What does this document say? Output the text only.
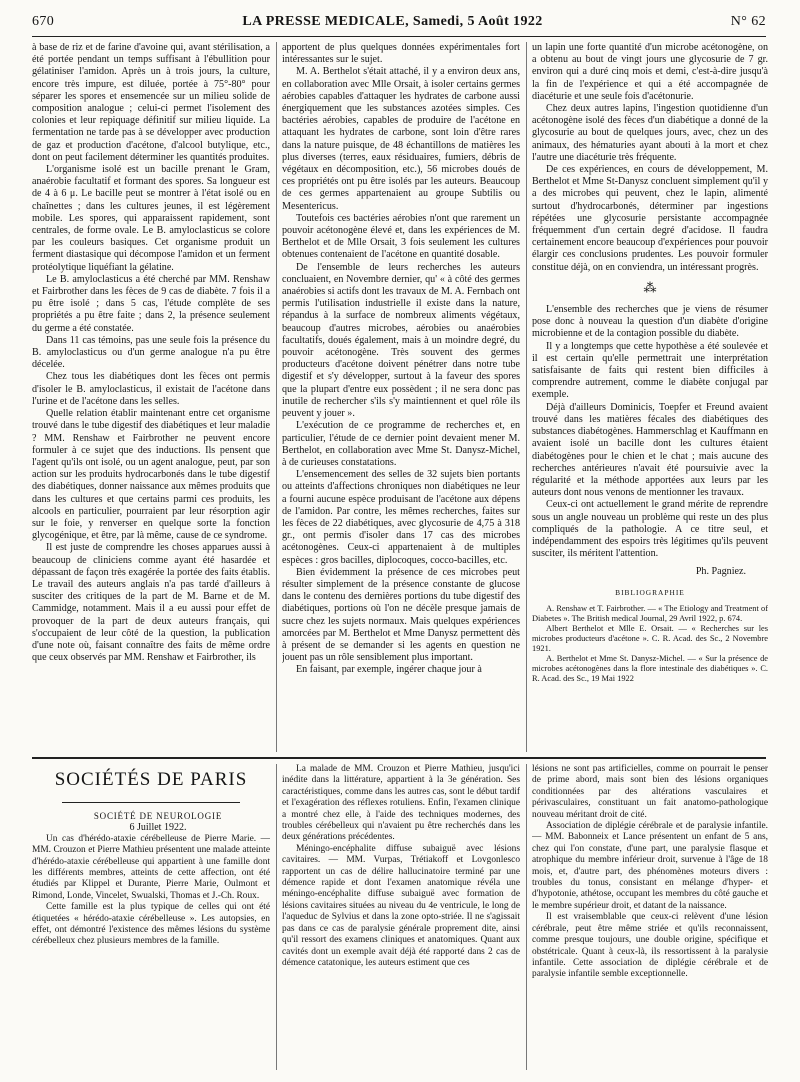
670	LA PRESSE MEDICALE, Samedi, 5 Août 1922	N° 62

à base de riz et de farine d'avoine qui, avant stérilisation, a été portée pendant un temps suffisant à l'ébullition pour gélatiniser l'amidon. Après un à trois jours, la culture, encore très impure, est diluée, portée à 75°-80° pour séparer les spores et ensemencée sur un milieu solide de composition analogue ; celui-ci permet l'isolement des colonies et leur repiquage définitif sur milieu liquide. La fermentation ne tarde pas à se développer avec production de gaz et production d'acétone, d'alcool butylique, etc., dont on peut facilement déterminer les quantités produites.

L'organisme isolé est un bacille prenant le Gram, anaérobie facultatif et formant des spores. Sa longueur est de 4 à 6 μ. Le bacille peut se montrer à l'état isolé ou en chaînettes ; dans les cultures jeunes, il est légèrement mobile. Les spores, qui apparaissent rapidement, sont centrales, de forme ovale. Le B. amyloclasticus se colore par les couleurs basiques. Cet organisme produit un ferment diastasique qui décompose l'amidon et un ferment protéolytique liquéfiant la gélatine.

Le B. amyloclasticus a été cherché par MM. Renshaw et Fairbrother dans les fèces de 9 cas de diabète. 7 fois il a pu être isolé ; dans 5 cas, l'étude complète de ses propriétés a pu être faite ; dans 2, la présence seulement du germe a été constatée.

Dans 11 cas témoins, pas une seule fois la présence du B. amyloclasticus ou d'un germe analogue n'a pu être décelée.

Chez tous les diabétiques dont les fèces ont permis d'isoler le B. amyloclasticus, il existait de l'acétone dans l'urine et de l'acétone dans les selles.

Quelle relation établir maintenant entre cet organisme trouvé dans le tube digestif des diabétiques et leur maladie ? MM. Renshaw et Fairbrother ne peuvent encore formuler à ce sujet que des inductions. Ils pensent que l'agent qu'ils ont isolé, ou un agent analogue, peut, par son action sur les produits hydrocarbonés dans le tube digestif des diabétiques, donner naissance aux mêmes produits que dans les cultures et que certains parmi ces produits, les alcools en particulier, pourraient par leur résorption agir sur le foie, y renverser en quelque sorte la fonction glycogénique, et être, par là même, cause de ce syndrome.

Il est juste de comprendre les choses apparues aussi à beaucoup de cliniciens comme ayant été hasardée et dépassant de façon très exagérée la portée des faits établis. Le travail des auteurs anglais n'a pas tardé d'ailleurs à susciter des critiques de la part de M. Barne et de M. Cammidge, notamment. Mais il a eu aussi pour effet de provoquer de la part de deux auteurs français, qui s'occupaient de leur côté de la question, la publication d'une note où, faisant connaître des faits de même ordre que ceux observés par MM. Renshaw et Fairbrother, ils

apportent de plus quelques données expérimentales fort intéressantes sur le sujet.

M. A. Berthelot s'était attaché, il y a environ deux ans, en collaboration avec Mlle Orsait, à isoler certains germes aérobies capables d'attaquer les hydrates de carbone aussi énergiquement que les substances azotées simples. Ces bactéries aérobies, capables de produire de l'acétone en attaquant les hydrates de carbone, sont loin d'être rares dans la nature puisque, de 48 échantillons de matières les plus diverses (terres, eaux résiduaires, fumiers, débris de végétaux en décomposition, etc.), 56 microbes doués de ces propriétés ont pu être isolés par les auteurs. Beaucoup de ces germes appartenaient au groupe Subtilis ou Mesentericus.

Toutefois ces bactéries aérobies n'ont que rarement un pouvoir acétonogène élevé et, dans les expériences de M. Berthelot et de Mlle Orsait, 3 fois seulement les cultures obtenues contenaient de l'acétone en quantité dosable.

De l'ensemble de leurs recherches les auteurs concluaient, en Novembre dernier, qu' « à côté des germes anaérobies si actifs dont les travaux de M. A. Fernbach ont permis l'utilisation industrielle il existe dans la nature, répandus à la surface de nombreux aliments végétaux, beaucoup d'autres microbes, aérobies ou anaérobies facultatifs, doués également, mais à un moindre degré, du pouvoir acétonogène. Très souvent des germes producteurs d'acétone doivent pénétrer dans notre tube digestif et s'y développer, surtout à la faveur des spores que la plupart d'entre eux possèdent ; il ne sera donc pas inutile de rechercher s'ils s'y maintiennent et quel rôle ils peuvent y jouer ».

L'exécution de ce programme de recherches et, en particulier, l'étude de ce dernier point devaient mener M. Berthelot, en collaboration avec Mme St. Danysz-Michel, à de curieuses constatations.

L'ensemencement des selles de 32 sujets bien portants ou atteints d'affections chroniques non diabétiques ne leur a fourni aucune espèce produisant de l'acétone aux dépens de l'amidon. Par contre, les mêmes recherches, faites sur les fèces de 22 diabétiques, avec glycosurie de 4,75 à 318 gr., ont permis d'isoler dans 17 cas des microbes acétonogènes. Ceux-ci appartenaient à de multiples espèces : gros bacilles, diplocoques, cocco-bacilles, etc.

Bien évidemment la présence de ces microbes peut résulter simplement de la présence constante de glucose dans le contenu des dernières portions du tube digestif des diabétiques, portions où l'on ne décèle presque jamais de sucre chez les sujets normaux. Mais quelques expériences amorcées par M. Berthelot et Mme Danysz permettent dès à présent de se demander si les agents en question ne jouent pas un rôle sensiblement plus important.

En faisant, par exemple, ingérer chaque jour à

un lapin une forte quantité d'un microbe acétonogène, on a obtenu au bout de vingt jours une glycosurie de 7 gr. environ qui a duré cinq mois et demi, c'est-à-dire jusqu'à la fin de l'expérience et qui a été accompagnée de diacéturie et une seule fois d'acétonurie.

Chez deux autres lapins, l'ingestion quotidienne d'un acétonogène isolé des fèces d'un diabétique a donné de la glycosurie au bout de quelques jours, avec, chez un des animaux, des hématuries ayant abouti à la mort et chez l'autre une diacéturie très fréquente.

De ces expériences, en cours de développement, M. Berthelot et Mme St-Danysz concluent simplement qu'il y a des microbes qui peuvent, chez le lapin, alimenté surtout d'hydrocarbonés, déterminer par ingestions répétées une glycosurie persistante accompagnée fréquemment d'un certain degré d'acidose. Il faudra certainement encore beaucoup d'expériences pour pouvoir élargir ces conclusions prudentes. Les pouvoir formuler constitue déjà, on en conviendra, un intéressant progrès.

⁂

L'ensemble des recherches que je viens de résumer pose donc à nouveau la question d'un diabète d'origine microbienne et de la contagion possible du diabète.

Il y a longtemps que cette hypothèse a été soulevée et il est certain qu'elle permettrait une interprétation satisfaisante de faits qui restent bien difficiles à comprendre autrement, comme le diabète conjugal par exemple.

Déjà d'ailleurs Dominicis, Toepfer et Freund avaient trouvé dans les matières fécales des diabétiques des substances diabétogènes. Hammerschlag et Kauffmann en avaient isolé un bacille dont les cultures étaient diabétogènes pour le chien et le chat ; mais aucune des recherches antérieures n'avait été poursuivie avec la régularité et la méthode apportées aux leurs par les auteurs dont nous venons de mentionner les travaux.

Ceux-ci ont actuellement le grand mérite de reprendre sous un angle nouveau un problème qui reste un des plus compliqués de la pathologie. A ce titre seul, et indépendamment des espoirs très légitimes qu'ils peuvent susciter, ils méritent l'attention.

Ph. Pagniez.

BIBLIOGRAPHIE

A. Renshaw et T. Fairbrother. — « The Etiology and Treatment of Diabetes ». The British medical Journal, 29 Avril 1922, p. 674.

Albert Berthelot et Mlle E. Orsait. — « Recherches sur les microbes producteurs d'acétone ». C. R. Acad. des Sc., 2 Novembre 1921.

A. Berthelot et Mme St. Danysz-Michel. — « Sur la présence de microbes acétonogènes dans la flore intestinale des diabétiques ». C. R. Acad. des Sc., 19 Mai 1922

SOCIÉTÉS DE PARIS

SOCIÉTÉ DE NEUROLOGIE

6 Juillet 1922.

Un cas d'hérédo-ataxie cérébelleuse de Pierre Marie. — MM. Crouzon et Pierre Mathieu présentent une malade atteinte d'hérédo-ataxie cérébelleuse qui appartient à une famille dont les différents membres, atteints de cette affection, ont été étudiés par Klippel et Durante, Pierre Marie, Oulmont et Rimond, Londe, Vincelet, Swualski, Thomas et J.-Ch. Roux.

Cette famille est la plus typique de celles qui ont été étiquetées « hérédo-ataxie cérébelleuse ». Les autopsies, en effet, ont démontré l'existence des mêmes lésions du système cérébelleux chez plusieurs membres de la famille.

La malade de MM. Crouzon et Pierre Mathieu, jusqu'ici inédite dans la littérature, appartient à la 3e génération. Ses caractéristiques, comme dans les autres cas, sont le début tardif et l'exagération des réflexes rotuliens. Enfin, l'examen clinique a montré chez elle, à l'aide des techniques modernes, des troubles cérébelleux qui n'avaient pu être recherchés dans les deux générations précédentes.

Méningo-encéphalite diffuse subaiguë avec lésions cavitaires. — MM. Vurpas, Trétiakoff et Lovgonlesco rapportent un cas de délire hallucinatoire terminé par une démence rapide et dont l'examen anatomique révéla une méningo-encéphalite diffuse subaiguë avec formation de lésions cavitaires situées au niveau du 4e ventricule, le long de l'aqueduc de Sylvius et dans la zone opto-striée. Il ne s'agissait pas dans ce cas de paralysie générale proprement dite, ainsi qu'il ressort des examens cliniques et anatomiques. Quant aux cavités dont un exemple avait déjà été rapporté dans 2 cas de démence catatonique, les auteurs estiment que ces

lésions ne sont pas artificielles, comme on pourrait le penser de prime abord, mais sont bien des lésions organiques conditionnées par des altérations vasculaires et périvasculaires, constituant un fait anatomo-pathologique nouveau méritant droit de cité.

Association de diplégie cérébrale et de paralysie infantile. — MM. Babonneix et Lance présentent un enfant de 5 ans, chez qui l'on constate, d'une part, une paralysie flasque et atrophique du membre inférieur droit, survenue à l'âge de 18 mois, et, d'autre part, des phénomènes moteurs divers : troubles du tonus, consistant en mélange d'hyper- et d'hypotonie, athétose, occupant les membres du côté gauche et le membre supérieur droit, et datant de la naissance.

Il est vraisemblable que ceux-ci relèvent d'une lésion cérébrale, peut être même striée et qu'ils reconnaissent, comme presque toujours, une double origine, spécifique et obstétricale. Quant à ceux-là, ils ressortissent à la paralysie infantile. Cette association de diplégie cérébrale et de paralysie infantile semble exceptionnelle.
